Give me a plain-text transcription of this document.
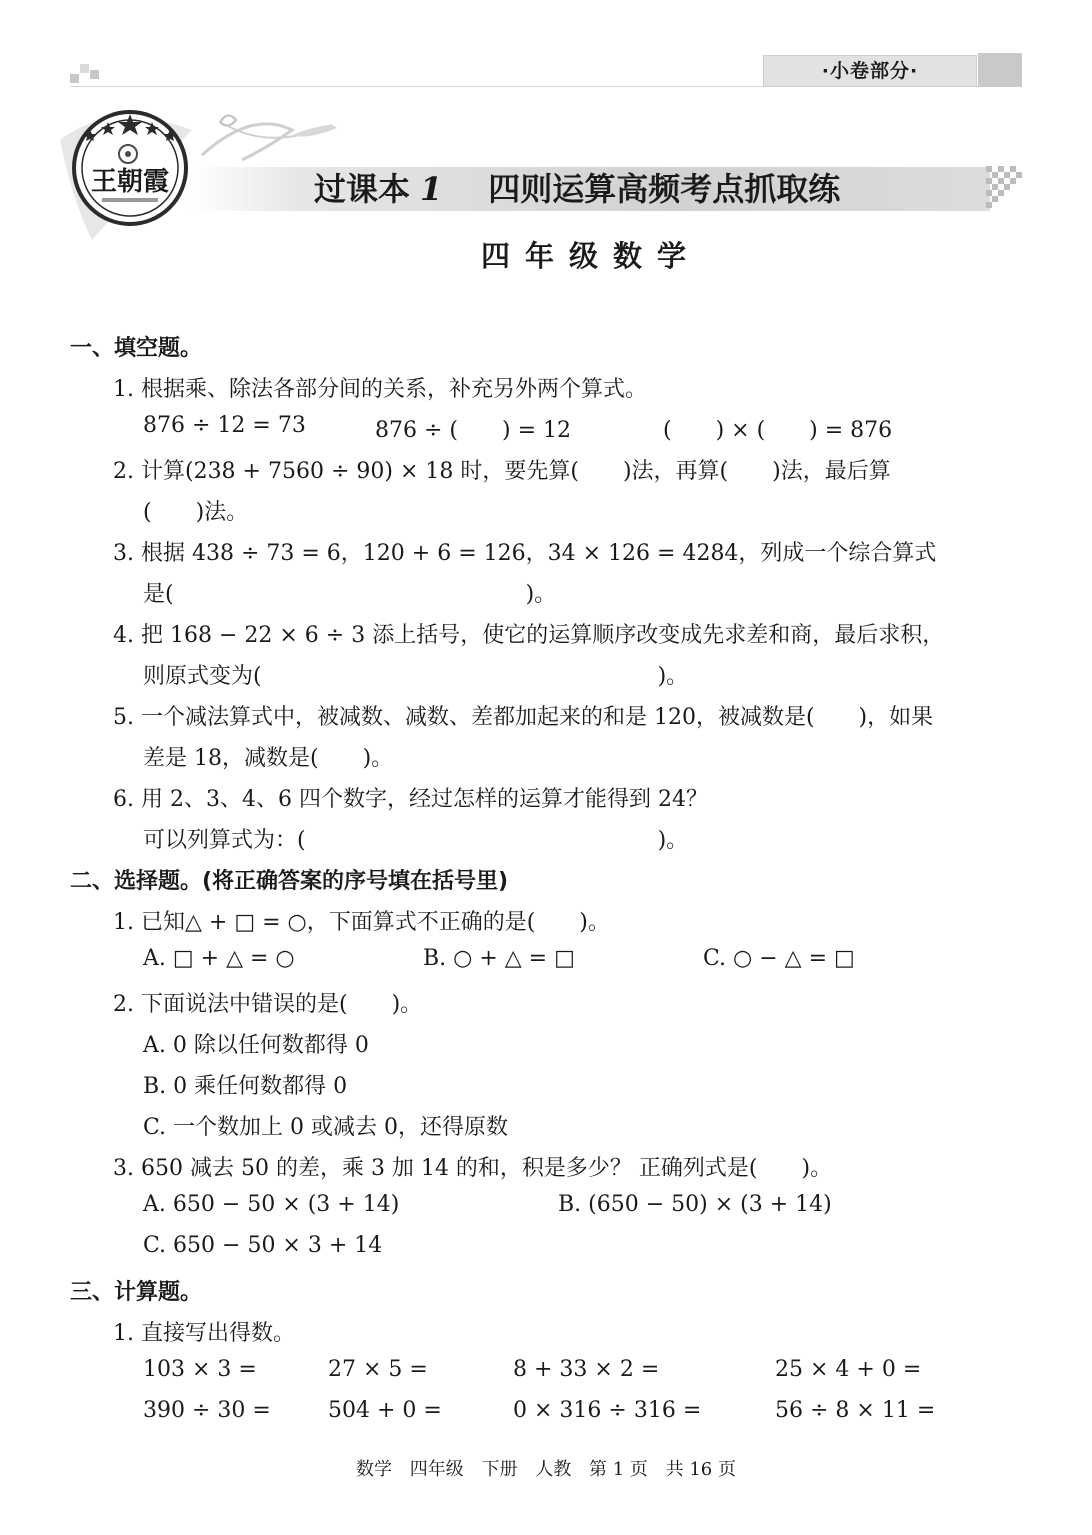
·小卷部分·
王朝霞	过课本 1 四则运算高频考点抓取练
四年级数学
一、填空题。
1. 根据乘、除法各部分间的关系，补充另外两个算式。
876 ÷ 12 = 73	876 ÷ (　　) = 12	(　　) × (　　) = 876
2. 计算(238 + 7560 ÷ 90) × 18 时，要先算(　　)法，再算(　　)法，最后算
(　　)法。
3. 根据 438 ÷ 73 = 6，120 + 6 = 126，34 × 126 = 4284，列成一个综合算式
是(　　　　　　　　　　　　　　　　)。
4. 把 168 − 22 × 6 ÷ 3 添上括号，使它的运算顺序改变成先求差和商，最后求积，
则原式变为(　　　　　　　　　　　　　　　　　　)。
5. 一个减法算式中，被减数、减数、差都加起来的和是 120，被减数是(　　)，如果
差是 18，减数是(　　)。
6. 用 2、3、4、6 四个数字，经过怎样的运算才能得到 24？
可以列算式为：(　　　　　　　　　　　　　　　　)。
二、选择题。(将正确答案的序号填在括号里)
1. 已知△ + □ = ○，下面算式不正确的是(　　)。
A. □ + △ = ○	B. ○ + △ = □	C. ○ − △ = □
2. 下面说法中错误的是(　　)。
A. 0 除以任何数都得 0
B. 0 乘任何数都得 0
C. 一个数加上 0 或减去 0，还得原数
3. 650 减去 50 的差，乘 3 加 14 的和，积是多少？ 正确列式是(　　)。
A. 650 − 50 × (3 + 14)	B. (650 − 50) × (3 + 14)
C. 650 − 50 × 3 + 14
三、计算题。
1. 直接写出得数。
103 × 3 =	27 × 5 =	8 + 33 × 2 =	25 × 4 + 0 =
390 ÷ 30 =	504 + 0 =	0 × 316 ÷ 316 =	56 ÷ 8 × 11 =
数学 四年级 下册 人教 第 1 页 共 16 页
